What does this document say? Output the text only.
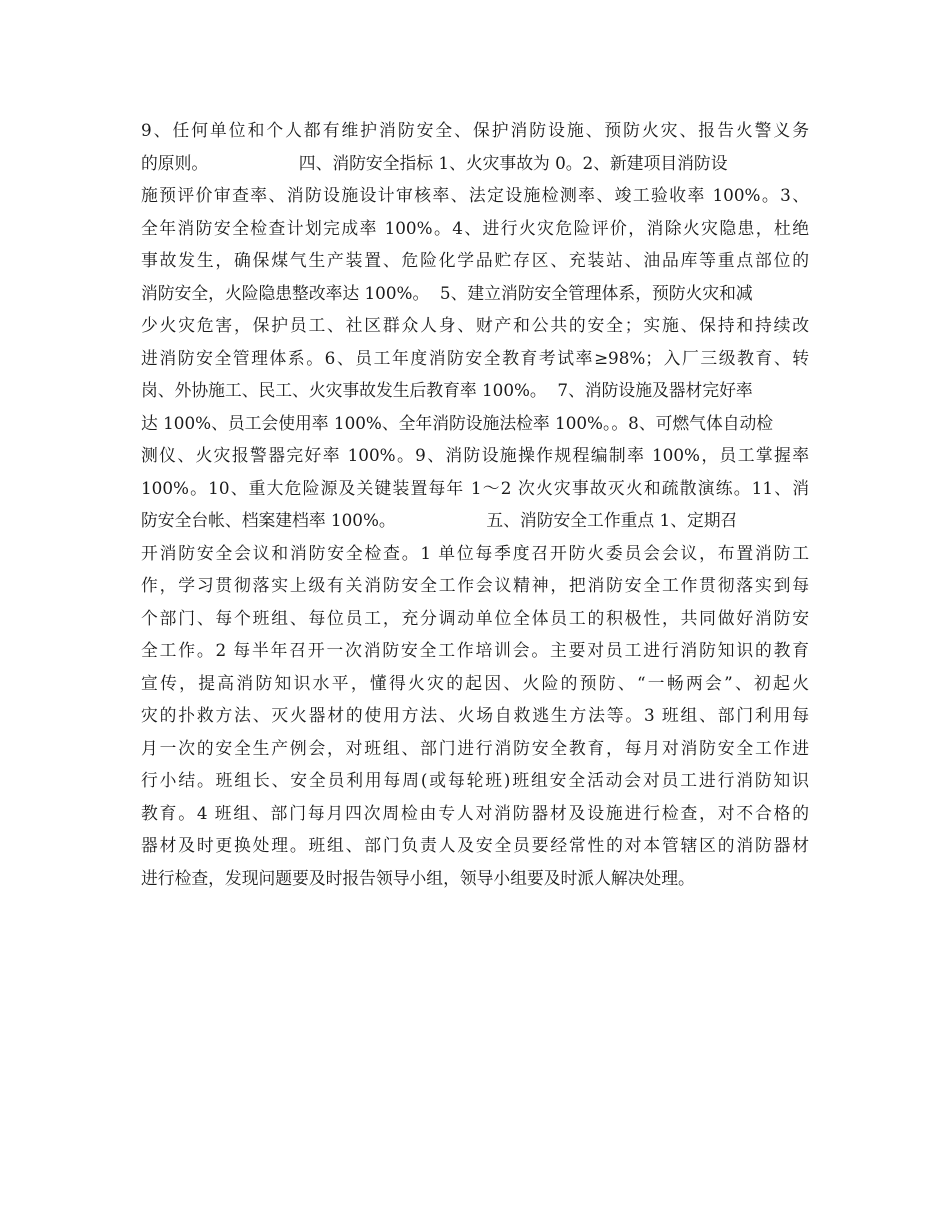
9、任何单位和个人都有维护消防安全、保护消防设施、预防火灾、报告火警义务
的原则。                 四、消防安全指标 1、火灾事故为 0。2、新建项目消防设
施预评价审查率、消防设施设计审核率、法定设施检测率、竣工验收率 100%。3、
全年消防安全检查计划完成率 100%。4、进行火灾危险评价，消除火灾隐患，杜绝
事故发生，确保煤气生产装置、危险化学品贮存区、充装站、油品库等重点部位的
消防安全，火险隐患整改率达 100%。  5、建立消防安全管理体系，预防火灾和减
少火灾危害，保护员工、社区群众人身、财产和公共的安全；实施、保持和持续改
进消防安全管理体系。6、员工年度消防安全教育考试率≥98%；入厂三级教育、转
岗、外协施工、民工、火灾事故发生后教育率 100%。  7、消防设施及器材完好率
达 100%、员工会使用率 100%、全年消防设施法检率 100%。。8、可燃气体自动检
测仪、火灾报警器完好率 100%。9、消防设施操作规程编制率 100%，员工掌握率
100%。10、重大危险源及关键装置每年 1～2 次火灾事故灭火和疏散演练。11、消
防安全台帐、档案建档率 100%。                 五、消防安全工作重点 1、定期召
开消防安全会议和消防安全检查。1 单位每季度召开防火委员会会议，布置消防工
作，学习贯彻落实上级有关消防安全工作会议精神，把消防安全工作贯彻落实到每
个部门、每个班组、每位员工，充分调动单位全体员工的积极性，共同做好消防安
全工作。2 每半年召开一次消防安全工作培训会。主要对员工进行消防知识的教育
宣传，提高消防知识水平，懂得火灾的起因、火险的预防、“一畅两会”、初起火
灾的扑救方法、灭火器材的使用方法、火场自救逃生方法等。3 班组、部门利用每
月一次的安全生产例会，对班组、部门进行消防安全教育，每月对消防安全工作进
行小结。班组长、安全员利用每周(或每轮班)班组安全活动会对员工进行消防知识
教育。4 班组、部门每月四次周检由专人对消防器材及设施进行检查，对不合格的
器材及时更换处理。班组、部门负责人及安全员要经常性的对本管辖区的消防器材
进行检查，发现问题要及时报告领导小组，领导小组要及时派人解决处理。
